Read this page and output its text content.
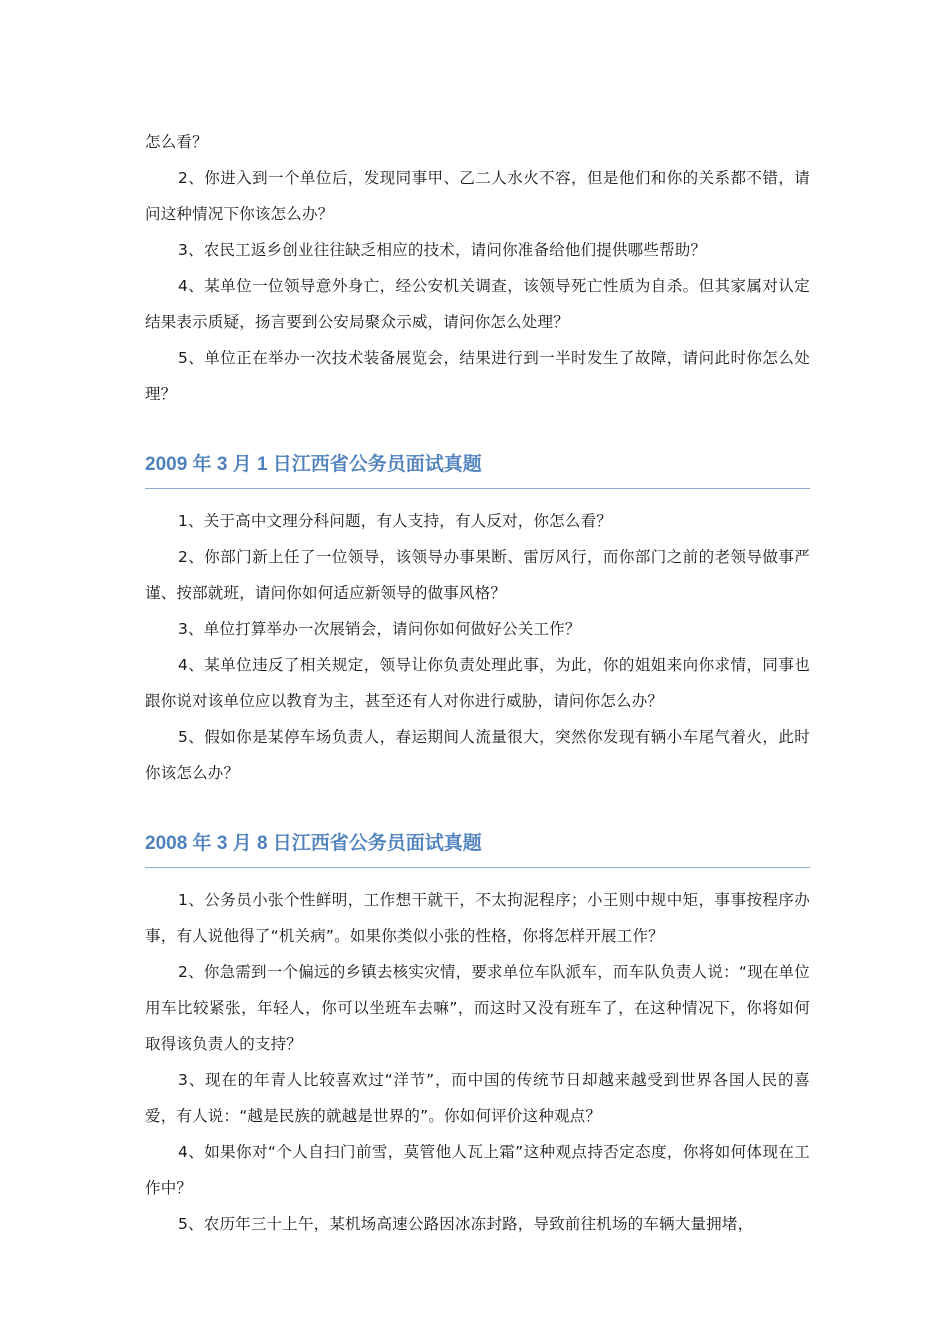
怎么看？

2、你进入到一个单位后，发现同事甲、乙二人水火不容，但是他们和你的关系都不错，请问这种情况下你该怎么办？

3、农民工返乡创业往往缺乏相应的技术，请问你准备给他们提供哪些帮助？

4、某单位一位领导意外身亡，经公安机关调查，该领导死亡性质为自杀。但其家属对认定结果表示质疑，扬言要到公安局聚众示威，请问你怎么处理？

5、单位正在举办一次技术装备展览会，结果进行到一半时发生了故障，请问此时你怎么处理？

2009 年 3 月 1 日江西省公务员面试真题

1、关于高中文理分科问题，有人支持，有人反对，你怎么看？

2、你部门新上任了一位领导，该领导办事果断、雷厉风行，而你部门之前的老领导做事严谨、按部就班，请问你如何适应新领导的做事风格？

3、单位打算举办一次展销会，请问你如何做好公关工作？

4、某单位违反了相关规定，领导让你负责处理此事，为此，你的姐姐来向你求情，同事也跟你说对该单位应以教育为主，甚至还有人对你进行威胁，请问你怎么办？

5、假如你是某停车场负责人，春运期间人流量很大，突然你发现有辆小车尾气着火，此时你该怎么办？

2008 年 3 月 8 日江西省公务员面试真题

1、公务员小张个性鲜明，工作想干就干，不太拘泥程序；小王则中规中矩，事事按程序办事，有人说他得了“机关病”。如果你类似小张的性格，你将怎样开展工作？

2、你急需到一个偏远的乡镇去核实灾情，要求单位车队派车，而车队负责人说：“现在单位用车比较紧张，年轻人，你可以坐班车去嘛”，而这时又没有班车了，在这种情况下，你将如何取得该负责人的支持？

3、现在的年青人比较喜欢过“洋节”，而中国的传统节日却越来越受到世界各国人民的喜爱，有人说：“越是民族的就越是世界的”。你如何评价这种观点？

4、如果你对“个人自扫门前雪，莫管他人瓦上霜”这种观点持否定态度，你将如何体现在工作中？

5、农历年三十上午，某机场高速公路因冰冻封路，导致前往机场的车辆大量拥堵，
